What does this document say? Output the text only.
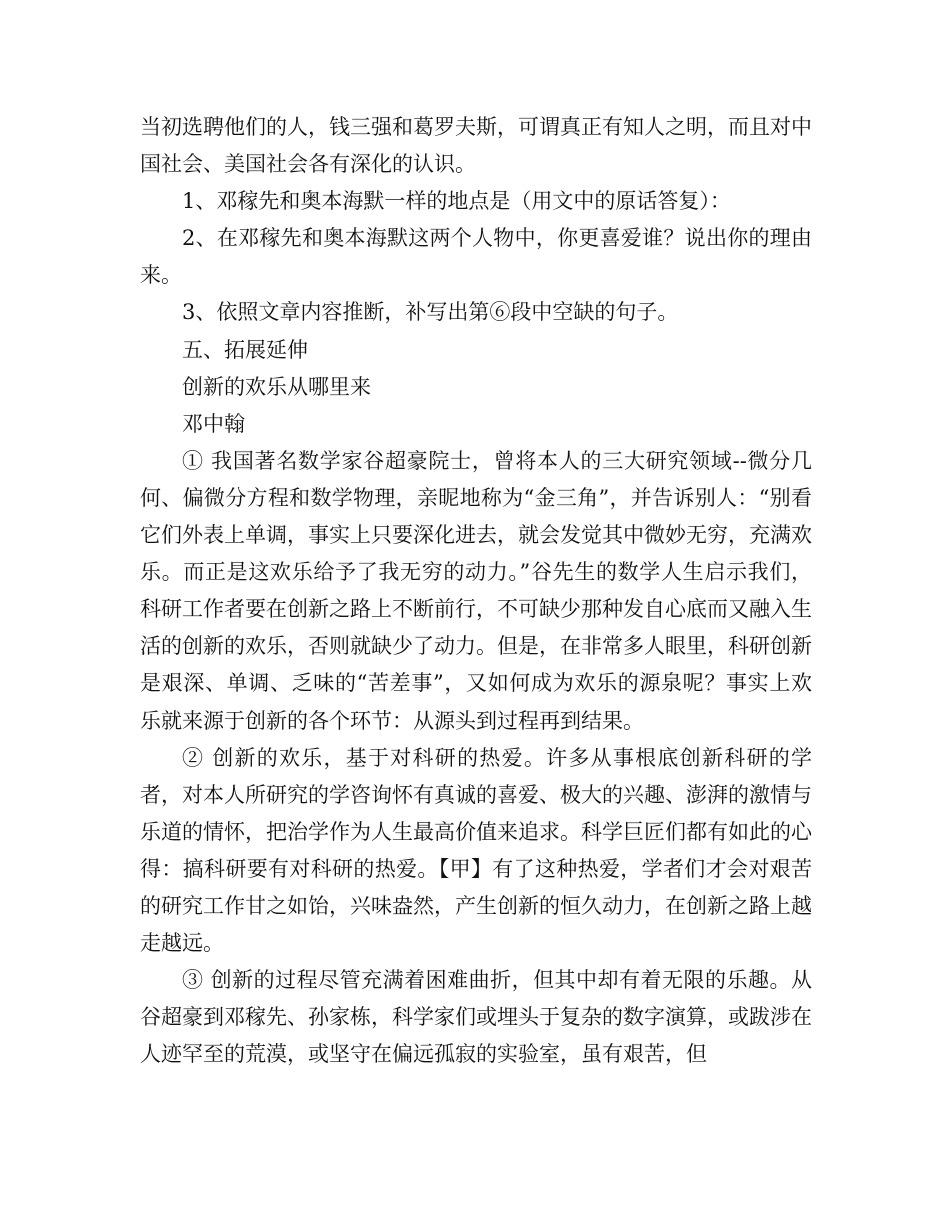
当初选聘他们的人，钱三强和葛罗夫斯，可谓真正有知人之明，而且对中国社会、美国社会各有深化的认识。

1、邓稼先和奥本海默一样的地点是（用文中的原话答复）：

2、在邓稼先和奥本海默这两个人物中，你更喜爱谁？说出你的理由来。

3、依照文章内容推断，补写出第⑥段中空缺的句子。

五、拓展延伸

创新的欢乐从哪里来

邓中翰

① 我国著名数学家谷超豪院士，曾将本人的三大研究领域--微分几何、偏微分方程和数学物理，亲昵地称为“金三角”，并告诉别人：“别看它们外表上单调，事实上只要深化进去，就会发觉其中微妙无穷，充满欢乐。而正是这欢乐给予了我无穷的动力。”谷先生的数学人生启示我们，科研工作者要在创新之路上不断前行，不可缺少那种发自心底而又融入生活的创新的欢乐，否则就缺少了动力。但是，在非常多人眼里，科研创新是艰深、单调、乏味的“苦差事”，又如何成为欢乐的源泉呢？事实上欢乐就来源于创新的各个环节：从源头到过程再到结果。

② 创新的欢乐，基于对科研的热爱。许多从事根底创新科研的学者，对本人所研究的学咨询怀有真诚的喜爱、极大的兴趣、澎湃的激情与乐道的情怀，把治学作为人生最高价值来追求。科学巨匠们都有如此的心得：搞科研要有对科研的热爱。【甲】有了这种热爱，学者们才会对艰苦的研究工作甘之如饴，兴味盎然，产生创新的恒久动力，在创新之路上越走越远。

③ 创新的过程尽管充满着困难曲折，但其中却有着无限的乐趣。从谷超豪到邓稼先、孙家栋，科学家们或埋头于复杂的数字演算，或跋涉在人迹罕至的荒漠，或坚守在偏远孤寂的实验室，虽有艰苦，但
